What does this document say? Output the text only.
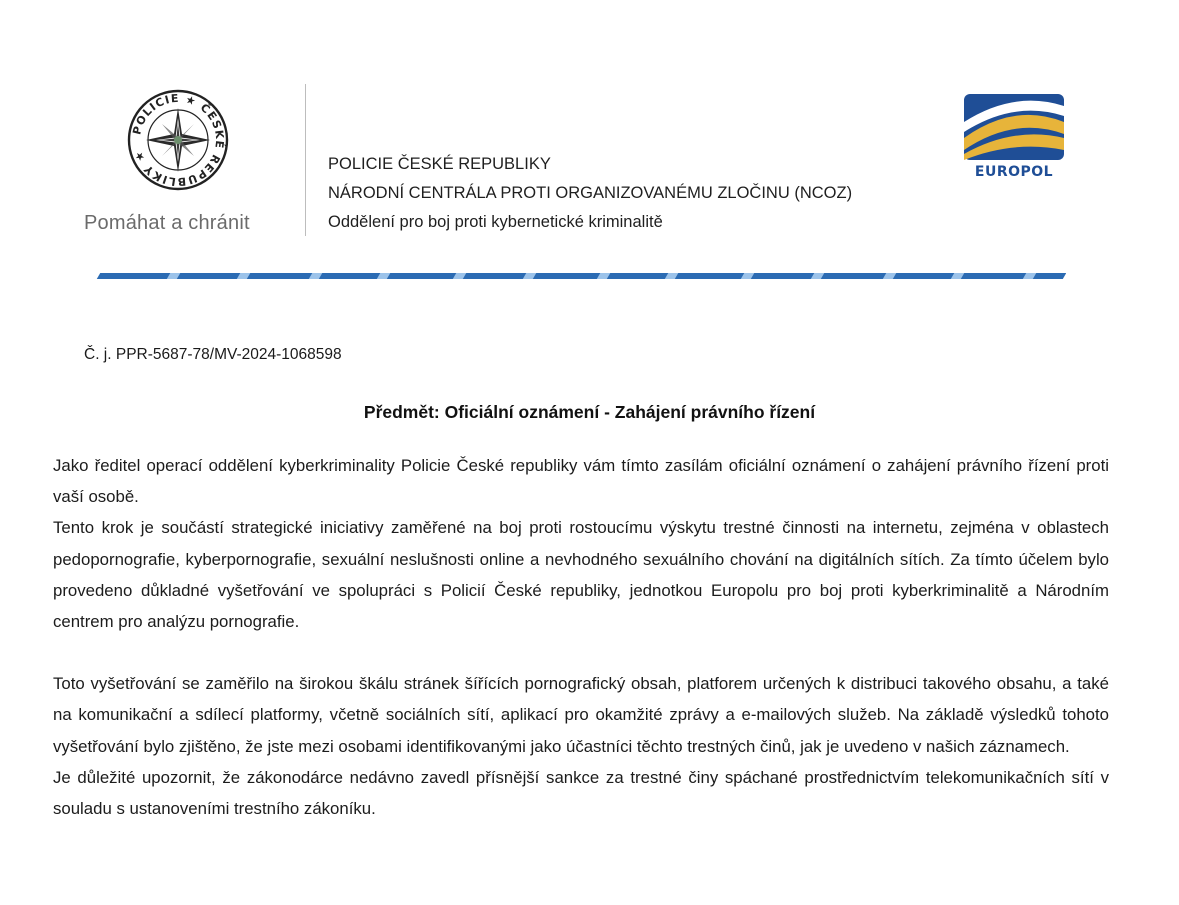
POLICIE ★ ČESKÉ REPUBLIKY ★
Pomáhat a chránit
POLICIE ČESKÉ REPUBLIKY
NÁRODNÍ CENTRÁLA PROTI ORGANIZOVANÉMU ZLOČINU (NCOZ)
Oddělení pro boj proti kybernetické kriminalitě
EUROPOL
Č. j. PPR-5687-78/MV-2024-1068598
Předmět: Oficiální oznámení - Zahájení právního řízení

Jako ředitel operací oddělení kyberkriminality Policie České republiky vám tímto zasílám oficiální oznámení o zahájení právního řízení proti vaší osobě.

Tento krok je součástí strategické iniciativy zaměřené na boj proti rostoucímu výskytu trestné činnosti na internetu, zejména v oblastech pedopornografie, kyberpornografie, sexuální neslušnosti online a nevhodného sexuálního chování na digitálních sítích. Za tímto účelem bylo provedeno důkladné vyšetřování ve spolupráci s Policií České republiky, jednotkou Europolu pro boj proti kyberkriminalitě a Národním centrem pro analýzu pornografie.

Toto vyšetřování se zaměřilo na širokou škálu stránek šířících pornografický obsah, platforem určených k distribuci takového obsahu, a také na komunikační a sdílecí platformy, včetně sociálních sítí, aplikací pro okamžité zprávy a e-mailových služeb. Na základě výsledků tohoto vyšetřování bylo zjištěno, že jste mezi osobami identifikovanými jako účastníci těchto trestných činů, jak je uvedeno v našich záznamech.

Je důležité upozornit, že zákonodárce nedávno zavedl přísnější sankce za trestné činy spáchané prostřednictvím telekomunikačních sítí v souladu s ustanoveními trestního zákoníku.
